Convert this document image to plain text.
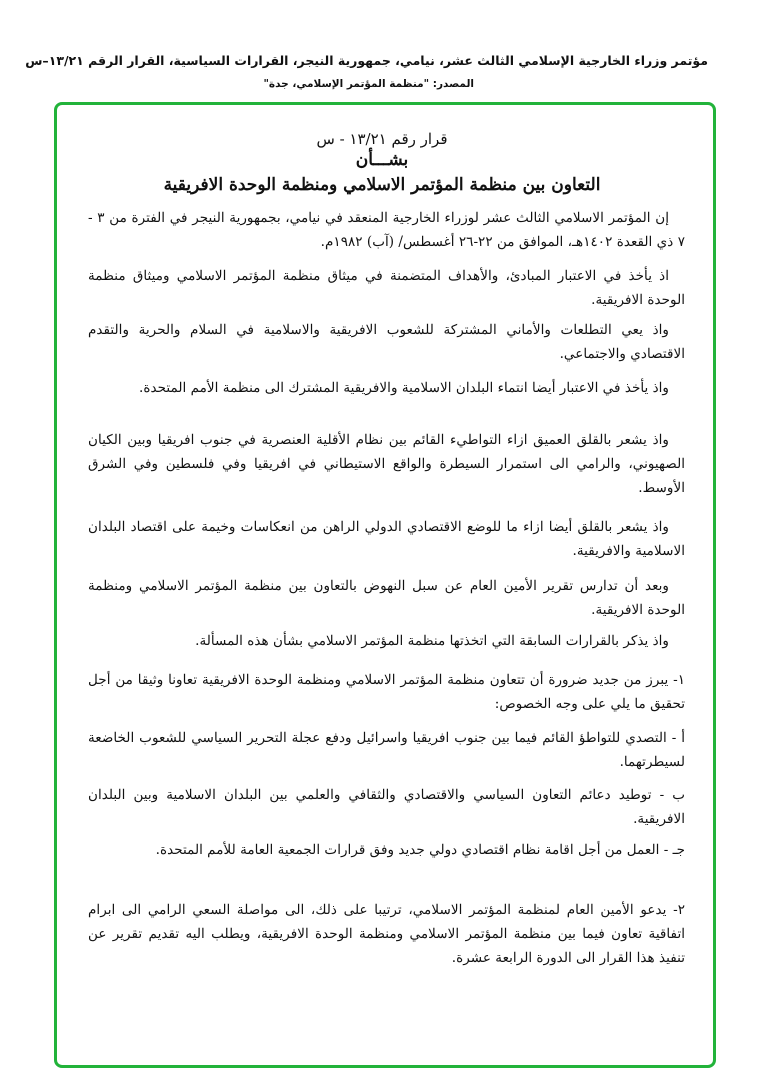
مؤتمر وزراء الخارجية الإسلامي الثالث عشر، نيامي، جمهورية النيجر، القرارات السياسية، القرار الرقم ١٣/٢١–س
المصدر: "منظمة المؤتمر الإسلامي، جدة"
قرار رقم ١٣/٢١ - س
بشـــأن
التعاون بين منظمة المؤتمر الاسلامي ومنظمة الوحدة الافريقية
إن المؤتمر الاسلامي الثالث عشر لوزراء الخارجية المنعقد في نيامي، بجمهورية النيجر في الفترة من ٣ - ٧ ذي القعدة ١٤٠٢هـ، الموافق من ٢٢-٢٦ أغسطس/ (آب) ١٩٨٢م.
اذ يأخذ في الاعتبار المبادئ، والأهداف المتضمنة في ميثاق منظمة المؤتمر الاسلامي وميثاق منظمة الوحدة الافريقية.
واذ يعي التطلعات والأماني المشتركة للشعوب الافريقية والاسلامية في السلام والحرية والتقدم الاقتصادي والاجتماعي.
واذ يأخذ في الاعتبار أيضا انتماء البلدان الاسلامية والافريقية المشترك الى منظمة الأمم المتحدة.
واذ يشعر بالقلق العميق ازاء التواطيء القائم بين نظام الأقلية العنصرية في جنوب افريقيا وبين الكيان الصهيوني، والرامي الى استمرار السيطرة والواقع الاستيطاني في افريقيا وفي فلسطين وفي الشرق الأوسط.
واذ يشعر بالقلق أيضا ازاء ما للوضع الاقتصادي الدولي الراهن من انعكاسات وخيمة على اقتصاد البلدان الاسلامية والافريقية.
وبعد أن تدارس تقرير الأمين العام عن سبل النهوض بالتعاون بين منظمة المؤتمر الاسلامي ومنظمة الوحدة الافريقية.
واذ يذكر بالقرارات السابقة التي اتخذتها منظمة المؤتمر الاسلامي بشأن هذه المسألة.
١- يبرز من جديد ضرورة أن تتعاون منظمة المؤتمر الاسلامي ومنظمة الوحدة الافريقية تعاونا وثيقا من أجل تحقيق ما يلي على وجه الخصوص:
أ - التصدي للتواطؤ القائم فيما بين جنوب افريقيا واسرائيل ودفع عجلة التحرير السياسي للشعوب الخاضعة لسيطرتهما.
ب - توطيد دعائم التعاون السياسي والاقتصادي والثقافي والعلمي بين البلدان الاسلامية وبين البلدان الافريقية.
جـ - العمل من أجل اقامة نظام اقتصادي دولي جديد وفق قرارات الجمعية العامة للأمم المتحدة.
٢- يدعو الأمين العام لمنظمة المؤتمر الاسلامي، ترتيبا على ذلك، الى مواصلة السعي الرامي الى ابرام اتفاقية تعاون فيما بين منظمة المؤتمر الاسلامي ومنظمة الوحدة الافريقية، ويطلب اليه تقديم تقرير عن تنفيذ هذا القرار الى الدورة الرابعة عشرة.
